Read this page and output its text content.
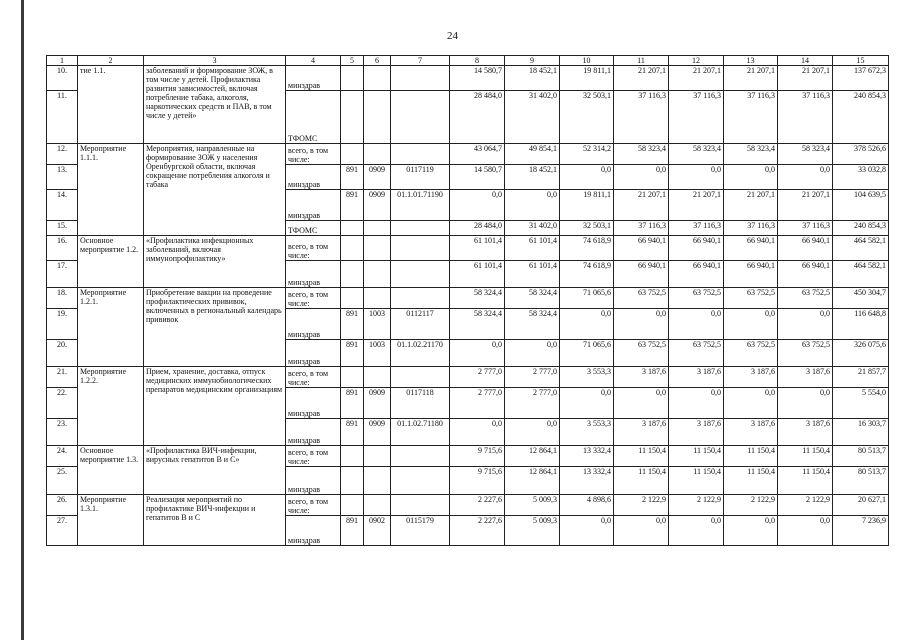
24
1	2	3	4	5	6	7	8	9	10	11	12	13	14	15
10.	тие 1.1.	заболеваний и формирование ЗОЖ, в том числе у детей. Профилактика развития зависимостей, включая потребление табака, алкоголя, наркотических средств и ПАВ, в том числе у детей»	минздрав				14 580,7	18 452,1	19 811,1	21 207,1	21 207,1	21 207,1	21 207,1	137 672,3
11.			ТФОМС				28 484,0	31 402,0	32 503,1	37 116,3	37 116,3	37 116,3	37 116,3	240 854,3
12.	Мероприятие 1.1.1.	Мероприятия, направленные на формирование ЗОЖ у населения Оренбургской области, включая сокращение потребления алкоголя и табака	всего, в том числе:				43 064,7	49 854,1	52 314,2	58 323,4	58 323,4	58 323,4	58 323,4	378 526,6
13.			минздрав	891	0909	0117119	14 580,7	18 452,1	0,0	0,0	0,0	0,0	0,0	33 032,8
14.			минздрав	891	0909	01.1.01.71190	0,0	0,0	19 811,1	21 207,1	21 207,1	21 207,1	21 207,1	104 639,5
15.			ТФОМС				28 484,0	31 402,0	32 503,1	37 116,3	37 116,3	37 116,3	37 116,3	240 854,3
16.	Основное мероприятие 1.2.	«Профилактика инфекционных заболеваний, включая иммунопрофилактику»	всего, в том числе:				61 101,4	61 101,4	74 618,9	66 940,1	66 940,1	66 940,1	66 940,1	464 582,1
17.			минздрав				61 101,4	61 101,4	74 618,9	66 940,1	66 940,1	66 940,1	66 940,1	464 582,1
18.	Мероприятие 1.2.1.	Приобретение вакцин на проведение профилактических прививок, включенных в региональный календарь прививок	всего, в том числе:				58 324,4	58 324,4	71 065,6	63 752,5	63 752,5	63 752,5	63 752,5	450 304,7
19.			минздрав	891	1003	0112117	58 324,4	58 324,4	0,0	0,0	0,0	0,0	0,0	116 648,8
20.			минздрав	891	1003	01.1.02.21170	0,0	0,0	71 065,6	63 752,5	63 752,5	63 752,5	63 752,5	326 075,6
21.	Мероприятие 1.2.2.	Прием, хранение, доставка, отпуск медицинских иммунобиологических препаратов медицинским организациям	всего, в том числе:				2 777,0	2 777,0	3 553,3	3 187,6	3 187,6	3 187,6	3 187,6	21 857,7
22.			минздрав	891	0909	0117118	2 777,0	2 777,0	0,0	0,0	0,0	0,0	0,0	5 554,0
23.			минздрав	891	0909	01.1.02.71180	0,0	0,0	3 553,3	3 187,6	3 187,6	3 187,6	3 187,6	16 303,7
24.	Основное мероприятие 1.3.	«Профилактика ВИЧ-инфекции, вирусных гепатитов В и С»	всего, в том числе:				9 715,6	12 864,1	13 332,4	11 150,4	11 150,4	11 150,4	11 150,4	80 513,7
25.			минздрав				9 715,6	12 864,1	13 332,4	11 150,4	11 150,4	11 150,4	11 150,4	80 513,7
26.	Мероприятие 1.3.1.	Реализация мероприятий по профилактике ВИЧ-инфекции и гепатитов В и С	всего, в том числе:				2 227,6	5 009,3	4 898,6	2 122,9	2 122,9	2 122,9	2 122,9	20 627,1
27.			минздрав	891	0902	0115179	2 227,6	5 009,3	0,0	0,0	0,0	0,0	0,0	7 236,9
